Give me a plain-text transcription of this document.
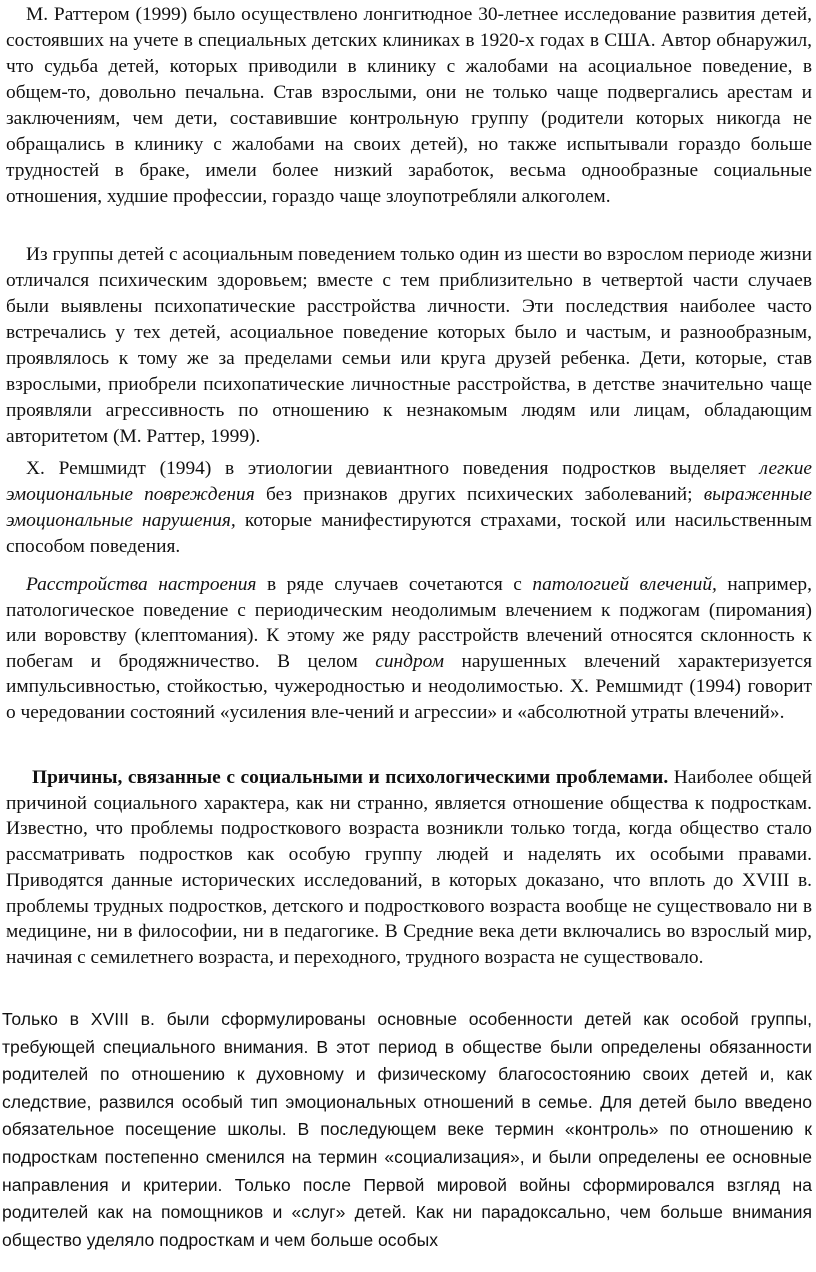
М. Раттером (1999) было осуществлено лонгитюдное 30-летнее исследование развития детей, состоявших на учете в специальных детских клиниках в 1920-х годах в США. Автор обнаружил, что судьба детей, которых приводили в клинику с жалобами на асоциальное поведение, в общем-то, довольно печальна. Став взрослыми, они не только чаще подвергались арестам и заключениям, чем дети, составившие контрольную группу (родители которых никогда не обращались в клинику с жалобами на своих детей), но также испытывали гораздо больше трудностей в браке, имели более низкий заработок, весьма однообразные социальные отношения, худшие профессии, гораздо чаще злоупотребляли алкоголем.

Из группы детей с асоциальным поведением только один из шести во взрослом периоде жизни отличался психическим здоровьем; вместе с тем приблизительно в четвертой части случаев были выявлены психопатические расстройства личности. Эти последствия наиболее часто встречались у тех детей, асоциальное поведение которых было и частым, и разнообразным, проявлялось к тому же за пределами семьи или круга друзей ребенка. Дети, которые, став взрослыми, приобрели психопатические личностные расстройства, в детстве значительно чаще проявляли агрессивность по отношению к незнакомым людям или лицам, обладающим авторитетом (М. Раттер, 1999).

Х. Ремшмидт (1994) в этиологии девиантного поведения подростков выделяет легкие эмоциональные повреждения без признаков других психических заболеваний; выраженные эмоциональные нарушения, которые манифестируются страхами, тоской или насильственным способом поведения.

Расстройства настроения в ряде случаев сочетаются с патологией влечений, например, патологическое поведение с периодическим неодолимым влечением к поджогам (пиромания) или воровству (клептомания). К этому же ряду расстройств влечений относятся склонность к побегам и бродяжничество. В целом синдром нарушенных влечений характеризуется импульсивностью, стойкостью, чужеродностью и неодолимостью. Х. Ремшмидт (1994) говорит о чередовании состояний «усиления вле-чений и агрессии» и «абсолютной утраты влечений».

Причины, связанные с социальными и психологическими проблемами. Наиболее общей причиной социального характера, как ни странно, является отношение общества к подросткам. Известно, что проблемы подросткового возраста возникли только тогда, когда общество стало рассматривать подростков как особую группу людей и наделять их особыми правами. Приводятся данные исторических исследований, в которых доказано, что вплоть до XVIII в. проблемы трудных подростков, детского и подросткового возраста вообще не существовало ни в медицине, ни в философии, ни в педагогике. В Средние века дети включались во взрослый мир, начиная с семилетнего возраста, и переходного, трудного возраста не существовало.

Только в XVIII в. были сформулированы основные особенности детей как особой группы, требующей специального внимания. В этот период в обществе были определены обязанности родителей по отношению к духовному и физическому благосостоянию своих детей и, как следствие, развился особый тип эмоциональных отношений в семье. Для детей было введено обязательное посещение школы. В последующем веке термин «контроль» по отношению к подросткам постепенно сменился на термин «социализация», и были определены ее основные направления и критерии. Только после Первой мировой войны сформировался взгляд на родителей как на помощников и «слуг» детей. Как ни парадоксально, чем больше внимания общество уделяло подросткам и чем больше особых
